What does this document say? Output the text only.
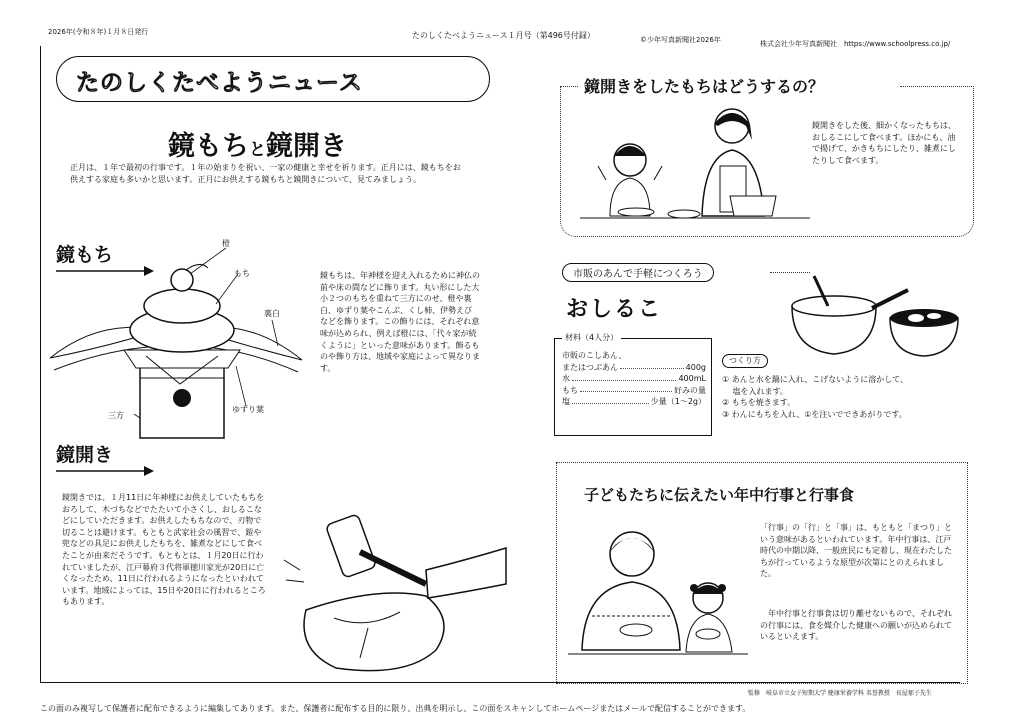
2026年(令和８年)１月８日発行	たのしくたべようニュース１月号（第496号付録）	©少年写真新聞社2026年	株式会社少年写真新聞社　https://www.schoolpress.co.jp/
たのしくたべようニュース
鏡もちと鏡開き
正月は、１年で最初の行事です。１年の始まりを祝い、一家の健康と幸せを祈ります。正月には、鏡もちをお供えする家庭も多いかと思います。正月にお供えする鏡もちと鏡開きについて、見てみましょう。
鏡もち
橙
もち
裏白
三方
ゆずり葉
鏡もちは、年神様を迎え入れるために神仏の前や床の間などに飾ります。丸い形にした大小２つのもちを重ねて三方にのせ、橙や裏白、ゆずり葉やこんぶ、くし柿、伊勢えびなどを飾ります。この飾りには、それぞれ意味が込められ、例えば橙には、「代々家が続くように」といった意味があります。飾るものや飾り方は、地域や家庭によって異なります。
鏡開き
鏡開きでは、１月11日に年神様にお供えしていたもちをおろして、木づちなどでたたいて小さくし、おしるこなどにしていただきます。お供えしたもちなので、刃物で切ることは避けます。もともと武家社会の風習で、鎧や兜などの具足にお供えしたもちを、雑煮などにして食べたことが由来だそうです。もともとは、１月20日に行われていましたが、江戸幕府３代将軍徳川家光が20日に亡くなったため、11日に行われるようになったといわれています。地域によっては、15日や20日に行われるところもあります。
鏡開きをしたもちはどうするの？
鏡開きをした後、細かくなったもちは、おしるこにして食べます。ほかにも、油で揚げて、かきもちにしたり、雑煮にしたりして食べます。
市販のあんで手軽につくろう
おしるこ
材料（4人分）
市販のこしあん、
またはつぶあん	400g
水	400mL
もち	好みの量
塩	少量（1～2g）
つくり方
① あんと水を鍋に入れ、こげないように溶かして、
　 塩を入れます。
② もちを焼きます。
③ わんにもちを入れ、①を注いでできあがりです。
子どもたちに伝えたい年中行事と行事食
「行事」の「行」と「事」は、もともと「まつり」という意味があるといわれています。年中行事は、江戸時代の中期以降、一般庶民にも定着し、現在わたしたちが行っているような原型が次第にとのえられました。
年中行事と行事食は切り離せないもので、それぞれの行事には、食を媒介した健康への願いが込められているといえます。
監修　岐阜市立女子短期大学 健康栄養学科 名誉教授　長屋郁子先生
この面のみ複写して保護者に配布できるように編集してあります。また、保護者に配布する目的に限り、出典を明示し、この面をスキャンしてホームページまたはメールで配信することができます。
